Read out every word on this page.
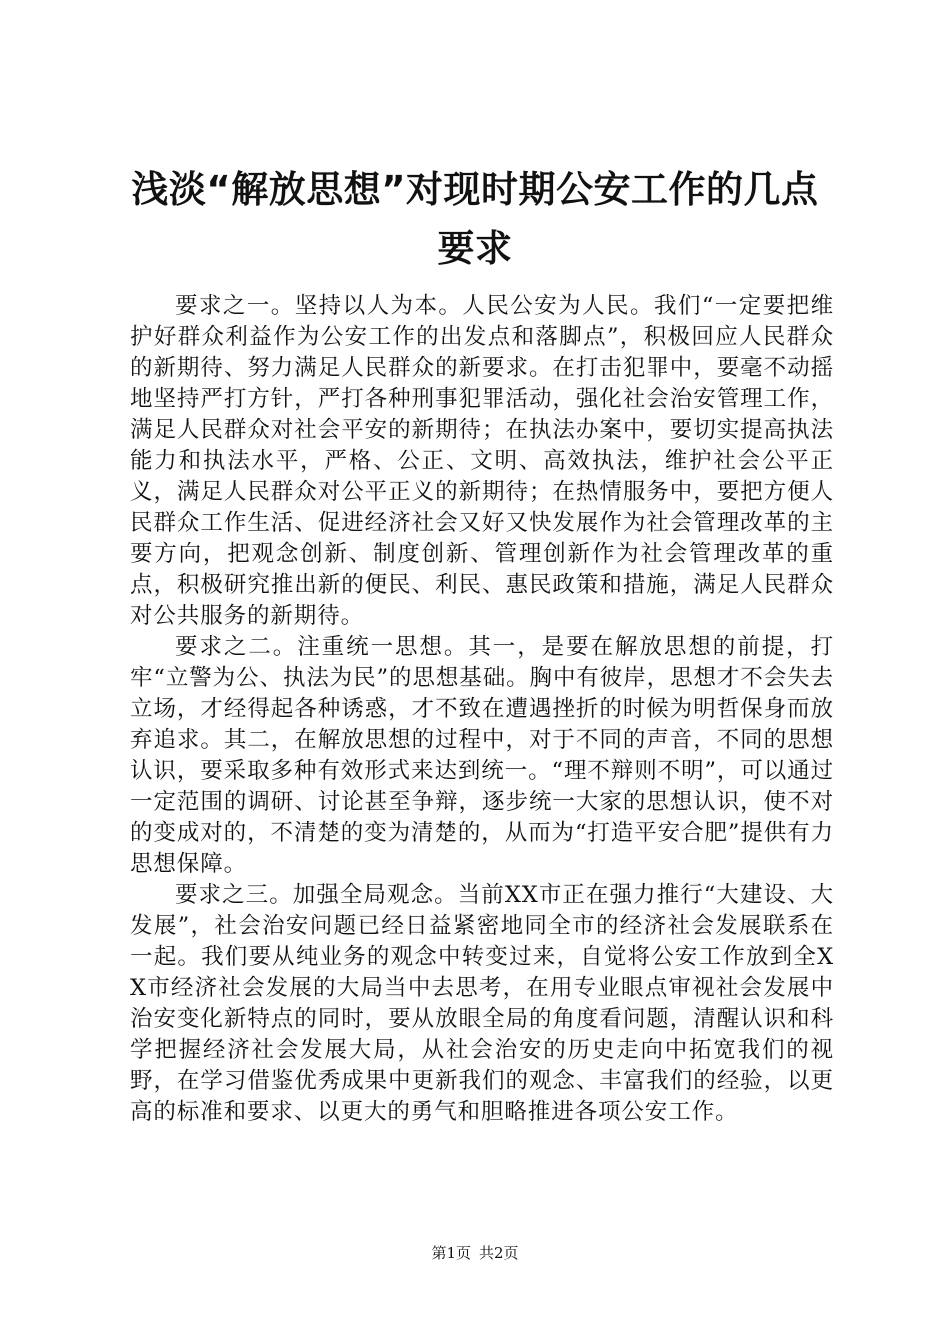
浅淡“解放思想”对现时期公安工作的几点要求

要求之一。坚持以人为本。人民公安为人民。我们“一定要把维护好群众利益作为公安工作的出发点和落脚点”，积极回应人民群众的新期待、努力满足人民群众的新要求。在打击犯罪中，要毫不动摇地坚持严打方针，严打各种刑事犯罪活动，强化社会治安管理工作，满足人民群众对社会平安的新期待；在执法办案中，要切实提高执法能力和执法水平，严格、公正、文明、高效执法，维护社会公平正义，满足人民群众对公平正义的新期待；在热情服务中，要把方便人民群众工作生活、促进经济社会又好又快发展作为社会管理改革的主要方向，把观念创新、制度创新、管理创新作为社会管理改革的重点，积极研究推出新的便民、利民、惠民政策和措施，满足人民群众对公共服务的新期待。

要求之二。注重统一思想。其一，是要在解放思想的前提，打牢“立警为公、执法为民”的思想基础。胸中有彼岸，思想才不会失去立场，才经得起各种诱惑，才不致在遭遇挫折的时候为明哲保身而放弃追求。其二，在解放思想的过程中，对于不同的声音，不同的思想认识，要采取多种有效形式来达到统一。“理不辩则不明”，可以通过一定范围的调研、讨论甚至争辩，逐步统一大家的思想认识，使不对的变成对的，不清楚的变为清楚的，从而为“打造平安合肥”提供有力思想保障。

要求之三。加强全局观念。当前XX市正在强力推行“大建设、大发展”，社会治安问题已经日益紧密地同全市的经济社会发展联系在一起。我们要从纯业务的观念中转变过来，自觉将公安工作放到全XX市经济社会发展的大局当中去思考，在用专业眼点审视社会发展中治安变化新特点的同时，要从放眼全局的角度看问题，清醒认识和科学把握经济社会发展大局，从社会治安的历史走向中拓宽我们的视野，在学习借鉴优秀成果中更新我们的观念、丰富我们的经验，以更高的标准和要求、以更大的勇气和胆略推进各项公安工作。

第1页 共2页
